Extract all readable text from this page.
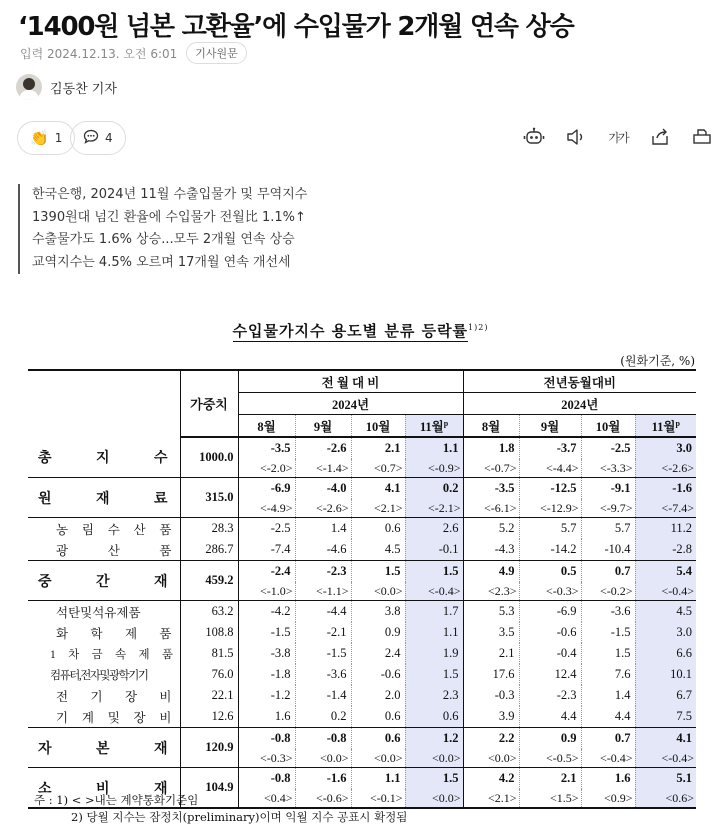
‘1400원 넘본 고환율’에 수입물가 2개월 연속 상승
입력 2024.12.13. 오전 6:01	기사원문
김동찬 기자
👏 1	4	가가
한국은행, 2024년 11월 수출입물가 및 무역지수
1390원대 넘긴 환율에 수입물가 전월比 1.1%↑
수출물가도 1.6% 상승...모두 2개월 연속 상승
교역지수는 4.5% 오르며 17개월 연속 개선세
수입물가지수 용도별 분류 등락률$^{1)2)}$
(원화기준, %)
	가중치	전 월 대 비				전년동월대비			
		2024년				2024년			
		8월	9월	10월	11월$^p$	8월	9월	10월	11월$^p$
총 지 수	1000.0	-3.5	-2.6	2.1	1.1	1.8	-3.7	-2.5	3.0
		<-2.0>	<-1.4>	<0.7>	<-0.9>	<-0.7>	<-4.4>	<-3.3>	<-2.6>
원 재 료	315.0	-6.9	-4.0	4.1	0.2	-3.5	-12.5	-9.1	-1.6
		<-4.9>	<-2.6>	<2.1>	<-2.1>	<-6.1>	<-12.9>	<-9.7>	<-7.4>
농 림 수 산 품	28.3	-2.5	1.4	0.6	2.6	5.2	5.7	5.7	11.2
광 산 품	286.7	-7.4	-4.6	4.5	-0.1	-4.3	-14.2	-10.4	-2.8
중 간 재	459.2	-2.4	-2.3	1.5	1.5	4.9	0.5	0.7	5.4
		<-1.0>	<-1.1>	<0.0>	<-0.4>	<2.3>	<-0.3>	<-0.2>	<-0.4>
석탄및석유제품	63.2	-4.2	-4.4	3.8	1.7	5.3	-6.9	-3.6	4.5
화 학 제 품	108.8	-1.5	-2.1	0.9	1.1	3.5	-0.6	-1.5	3.0
1 차 금 속 제 품	81.5	-3.8	-1.5	2.4	1.9	2.1	-0.4	1.5	6.6
컴퓨터,전자및광학기기	76.0	-1.8	-3.6	-0.6	1.5	17.6	12.4	7.6	10.1
전 기 장 비	22.1	-1.2	-1.4	2.0	2.3	-0.3	-2.3	1.4	6.7
기 계 및 장 비	12.6	1.6	0.2	0.6	0.6	3.9	4.4	4.4	7.5
자 본 재	120.9	-0.8	-0.8	0.6	1.2	2.2	0.9	0.7	4.1
		<-0.3>	<0.0>	<0.0>	<0.0>	<0.0>	<-0.5>	<-0.4>	<-0.4>
소 비 재	104.9	-0.8	-1.6	1.1	1.5	4.2	2.1	1.6	5.1
		<0.4>	<-0.6>	<-0.1>	<0.0>	<2.1>	<1.5>	<0.9>	<0.6>
주 : 1) < >내는 계약통화기준임
2) 당월 지수는 잠정치(preliminary)이며 익월 지수 공표시 확정됨
